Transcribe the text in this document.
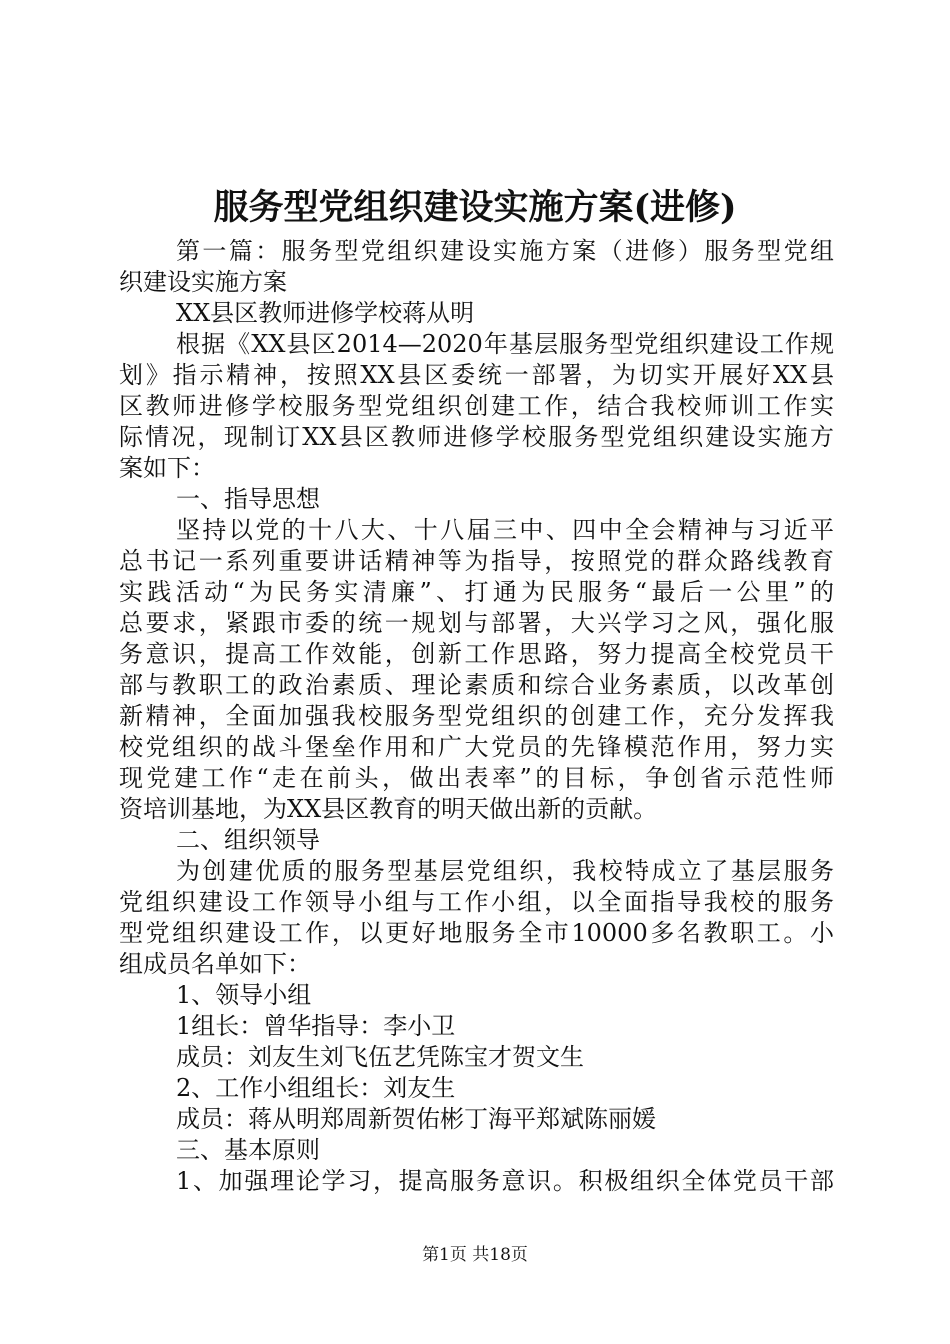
服务型党组织建设实施方案(进修)
第一篇：服务型党组织建设实施方案（进修）服务型党组
织建设实施方案
XX县区教师进修学校蒋从明
根据《XX县区2014—2020年基层服务型党组织建设工作规
划》指示精神，按照XX县区委统一部署，为切实开展好XX县
区教师进修学校服务型党组织创建工作，结合我校师训工作实
际情况，现制订XX县区教师进修学校服务型党组织建设实施方
案如下：
一、指导思想
坚持以党的十八大、十八届三中、四中全会精神与习近平
总书记一系列重要讲话精神等为指导，按照党的群众路线教育
实践活动“为民务实清廉”、打通为民服务“最后一公里”的
总要求，紧跟市委的统一规划与部署，大兴学习之风，强化服
务意识，提高工作效能，创新工作思路，努力提高全校党员干
部与教职工的政治素质、理论素质和综合业务素质，以改革创
新精神，全面加强我校服务型党组织的创建工作，充分发挥我
校党组织的战斗堡垒作用和广大党员的先锋模范作用，努力实
现党建工作“走在前头，做出表率”的目标，争创省示范性师
资培训基地，为XX县区教育的明天做出新的贡献。
二、组织领导
为创建优质的服务型基层党组织，我校特成立了基层服务
党组织建设工作领导小组与工作小组，以全面指导我校的服务
型党组织建设工作，以更好地服务全市10000多名教职工。小
组成员名单如下：
1、领导小组
1组长：曾华指导：李小卫
成员：刘友生刘飞伍艺凭陈宝才贺文生
2、工作小组组长：刘友生
成员：蒋从明郑周新贺佑彬丁海平郑斌陈丽媛
三、基本原则
1、加强理论学习，提高服务意识。积极组织全体党员干部
第1页 共18页
